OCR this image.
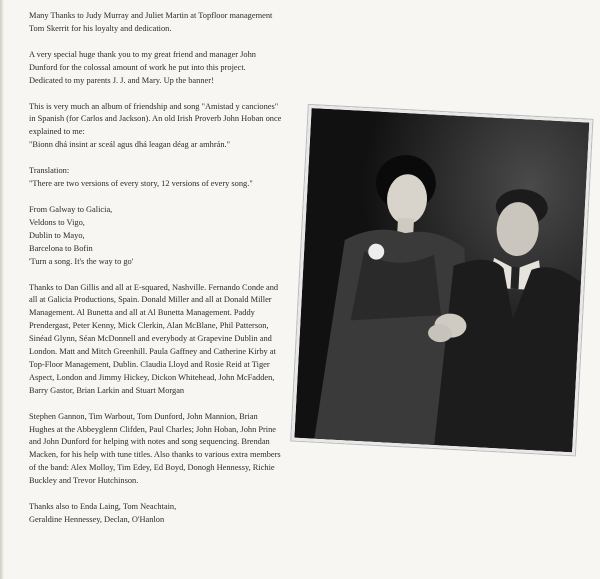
Many Thanks to Judy Murray and Juliet Martin at Topfloor management
Tom Skerrit for his loyalty and dedication.

A very special huge thank you to my great friend and manager John
Dunford for the colossal amount of work he put into this project.
Dedicated to my parents J. J. and Mary. Up the banner!

This is very much an album of friendship and song "Amistad y canciones"
in Spanish (for Carlos and Jackson). An old Irish Proverb John Hoban once
explained to me:
"Bionn dhá insint ar sceál agus dhá leagan déag ar amhrán."

Translation:
"There are two versions of every story, 12 versions of every song."

From Galway to Galicia,
Veldons to Vigo,
Dublin to Mayo,
Barcelona to Bofin
'Turn a song. It's the way to go'

Thanks to Dan Gillis and all at E-squared, Nashville. Fernando Conde and
all at Galicia Productions, Spain. Donald Miller and all at Donald Miller
Management. Al Bunetta and all at Al Bunetta Management. Paddy
Prendergast, Peter Kenny, Mick Clerkin, Alan McBlane, Phil Patterson,
Sinéad Glynn, Séan McDonnell and everybody at Grapevine Dublin and
London. Matt and Mitch Greenhill. Paula Gaffney and Catherine Kirby at
Top-Floor Management, Dublin. Claudia Lloyd and Rosie Reid at Tiger
Aspect, London and Jimmy Hickey, Dickon Whitehead, John McFadden,
Barry Gastor, Brian Larkin and Stuart Morgan

Stephen Gannon, Tim Warbout, Tom Dunford, John Mannion, Brian
Hughes at the Abbeyglenn Clifden, Paul Charles; John Hoban, John Prine
and John Dunford for helping with notes and song sequencing. Brendan
Macken, for his help with tune titles. Also thanks to various extra members
of the band: Alex Molloy, Tim Edey, Ed Boyd, Donogh Hennessy, Richie
Buckley and Trevor Hutchinson.

Thanks also to Enda Laing, Tom Neachtain,
Geraldine Hennessey, Declan, O'Hanlon
